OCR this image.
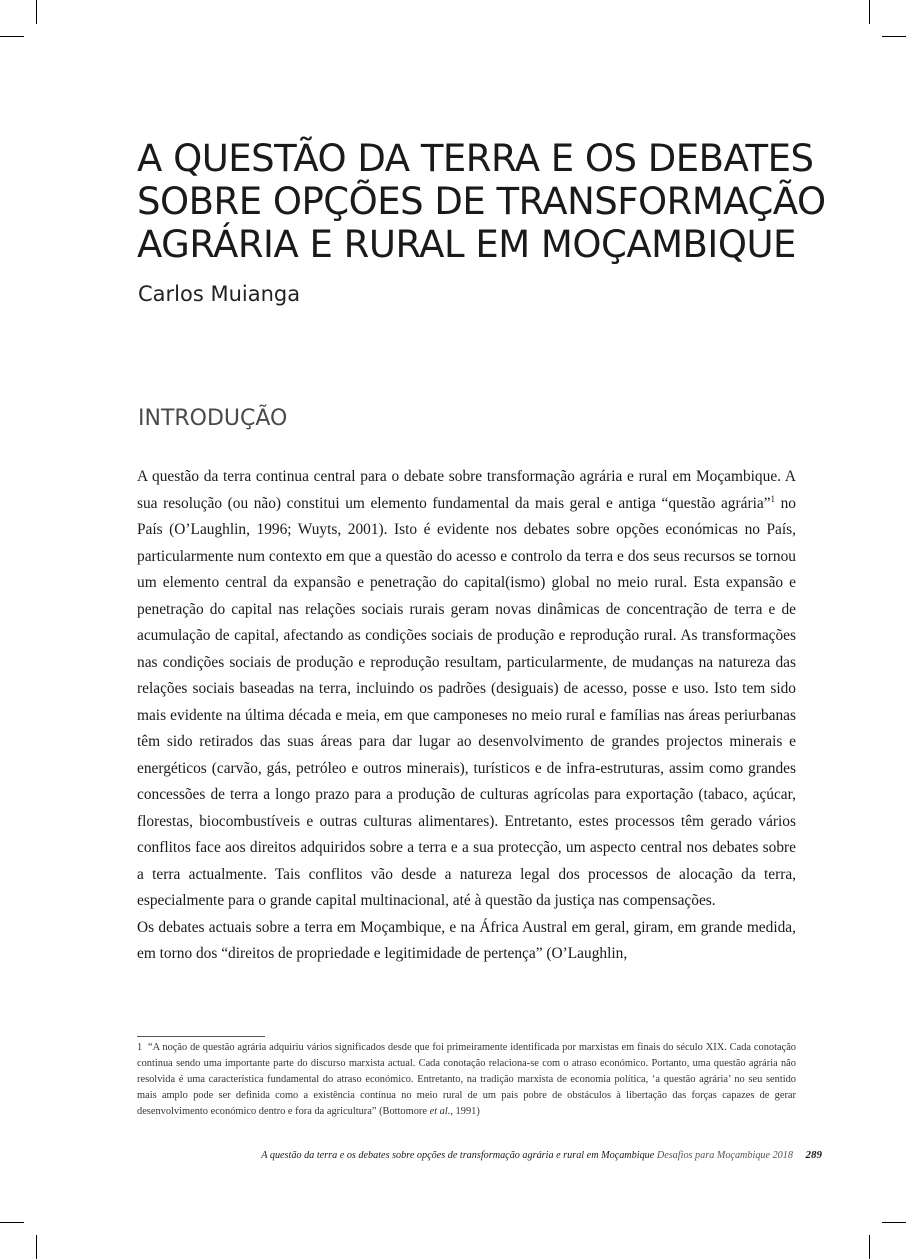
A QUESTÃO DA TERRA E OS DEBATES
SOBRE OPÇÕES DE TRANSFORMAÇÃO
AGRÁRIA E RURAL EM MOÇAMBIQUE

Carlos Muianga

INTRODUÇÃO

A questão da terra continua central para o debate sobre transformação agrária e rural em Moçambique. A sua resolução (ou não) constitui um elemento fundamental da mais geral e antiga “questão agrária”$^1$ no País (O’Laughlin, 1996; Wuyts, 2001). Isto é evidente nos debates sobre opções económicas no País, particularmente num contexto em que a questão do acesso e controlo da terra e dos seus recursos se tornou um elemento central da expansão e penetração do capital(ismo) global no meio rural. Esta expansão e penetração do capital nas relações sociais rurais geram novas dinâmicas de concentração de terra e de acumulação de capital, afectando as condições sociais de produção e reprodução rural. As transformações nas condições sociais de produção e reprodução resultam, particularmente, de mudanças na natureza das relações sociais baseadas na terra, incluindo os padrões (desiguais) de acesso, posse e uso. Isto tem sido mais evidente na última década e meia, em que camponeses no meio rural e famílias nas áreas periurbanas têm sido retirados das suas áreas para dar lugar ao desenvolvimento de grandes projectos minerais e energéticos (carvão, gás, petróleo e outros minerais), turísticos e de infra-estruturas, assim como grandes concessões de terra a longo prazo para a produção de culturas agrícolas para exportação (tabaco, açúcar, florestas, biocombustíveis e outras culturas alimentares). Entretanto, estes processos têm gerado vários conflitos face aos direitos adquiridos sobre a terra e a sua protecção, um aspecto central nos debates sobre a terra actualmente. Tais conflitos vão desde a natureza legal dos processos de alocação da terra, especialmente para o grande capital multinacional, até à questão da justiça nas compensações.

Os debates actuais sobre a terra em Moçambique, e na África Austral em geral, giram, em grande medida, em torno dos “direitos de propriedade e legitimidade de pertença” (O’Laughlin,

1 “A noção de questão agrária adquiriu vários significados desde que foi primeiramente identificada por marxistas em finais do século XIX. Cada conotação continua sendo uma importante parte do discurso marxista actual. Cada conotação relaciona-se com o atraso económico. Portanto, uma questão agrária não resolvida é uma característica fundamental do atraso económico. Entretanto, na tradição marxista de economia política, ‘a questão agrária’ no seu sentido mais amplo pode ser definida como a existência contínua no meio rural de um país pobre de obstáculos à libertação das forças capazes de gerar desenvolvimento económico dentro e fora da agricultura” (Bottomore et al., 1991)
A questão da terra e os debates sobre opções de transformação agrária e rural em Moçambique Desafios para Moçambique 2018 289
